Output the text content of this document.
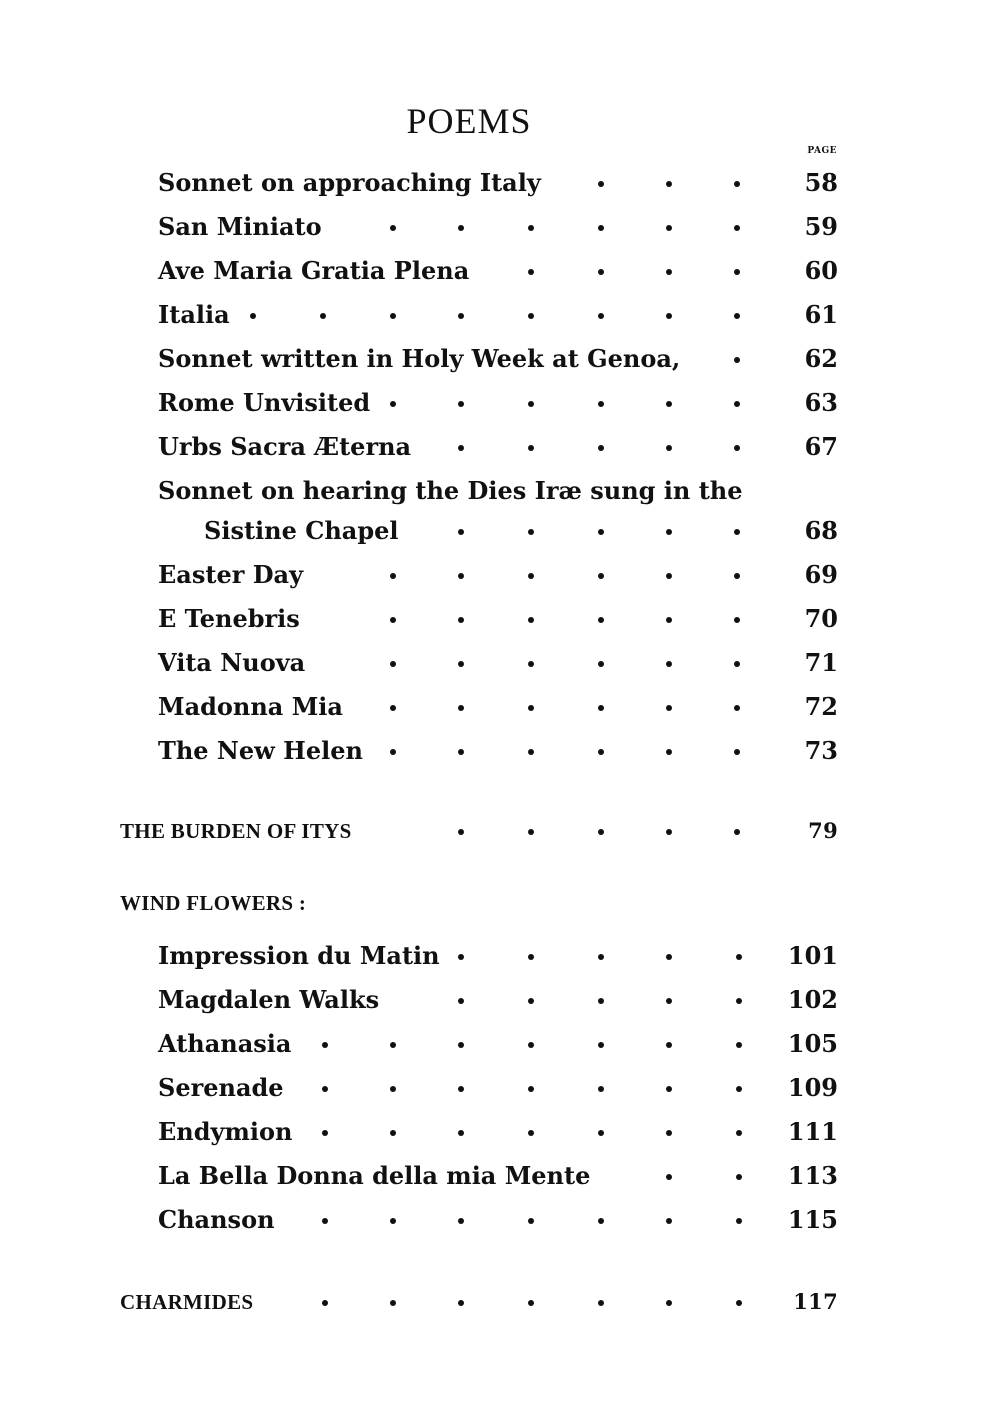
POEMS
PAGE
Sonnet on approaching Italy	58
San Miniato	59
Ave Maria Gratia Plena	60
Italia	61
Sonnet written in Holy Week at Genoa,	62
Rome Unvisited	63
Urbs Sacra Æterna	67
Sonnet on hearing the Dies Iræ sung in the
Sistine Chapel	68
Easter Day	69
E Tenebris	70
Vita Nuova	71
Madonna Mia	72
The New Helen	73
THE BURDEN OF ITYS	79
WIND FLOWERS :
Impression du Matin	101
Magdalen Walks	102
Athanasia	105
Serenade	109
Endymion	111
La Bella Donna della mia Mente	113
Chanson	115
CHARMIDES	117
